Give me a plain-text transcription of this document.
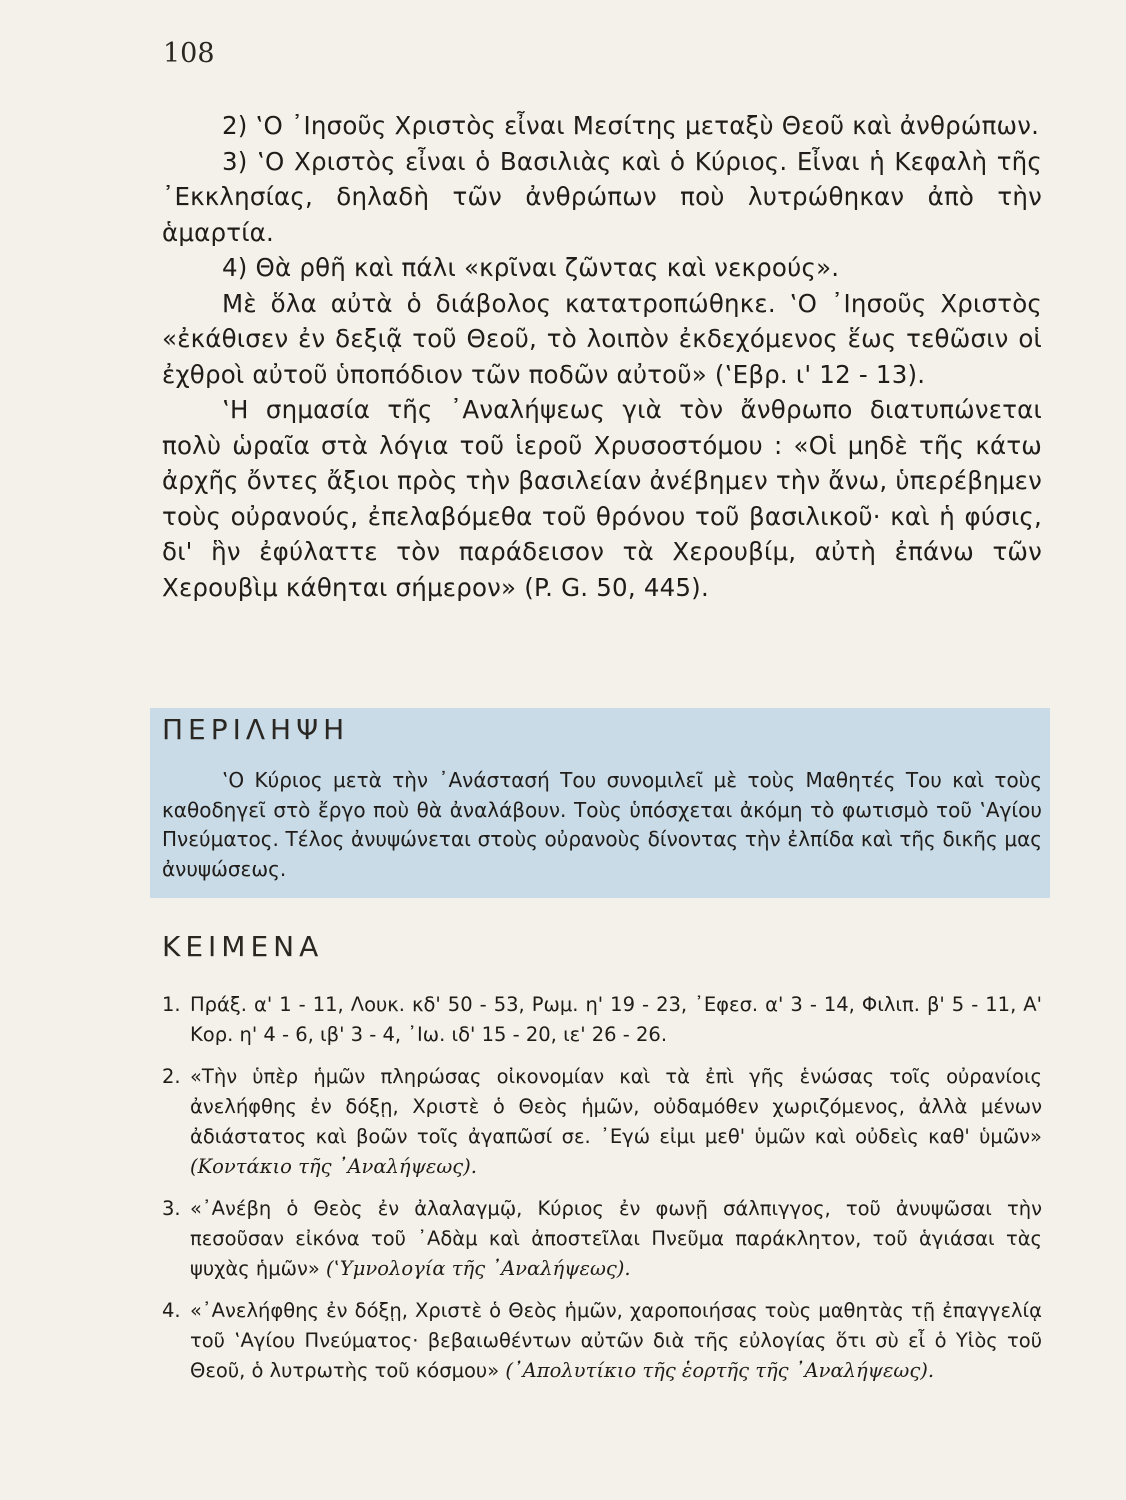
108

2) ‛Ο ᾿Ιησοῦς Χριστὸς εἶναι Μεσίτης μεταξὺ Θεοῦ καὶ ἀνθρώπων.

3) ‛Ο Χριστὸς εἶναι ὁ Βασιλιὰς καὶ ὁ Κύριος. Εἶναι ἡ Κεφαλὴ τῆς ᾿Εκκλησίας, δηλαδὴ τῶν ἀνθρώπων ποὺ λυτρώθηκαν ἀπὸ τὴν ἁμαρτία.

4) Θὰ ρθῆ καὶ πάλι «κρῖναι ζῶντας καὶ νεκρούς».

Μὲ ὅλα αὐτὰ ὁ διάβολος κατατροπώθηκε. ‛Ο ᾿Ιησοῦς Χριστὸς «ἐκάθισεν ἐν δεξιᾷ τοῦ Θεοῦ, τὸ λοιπὸν ἐκδεχόμενος ἕως τεθῶσιν οἱ ἐχθροὶ αὐτοῦ ὑποπόδιον τῶν ποδῶν αὐτοῦ» (‛Εβρ. ι' 12 - 13).

‛Η σημασία τῆς ᾿Αναλήψεως γιὰ τὸν ἄνθρωπο διατυπώνεται πολὺ ὡραῖα στὰ λόγια τοῦ ἱεροῦ Χρυσοστόμου : «Οἱ μηδὲ τῆς κάτω ἀρχῆς ὄντες ἄξιοι πρὸς τὴν βασιλείαν ἀνέβημεν τὴν ἄνω, ὑπερέβημεν τοὺς οὐρανούς, ἐπελαβόμεθα τοῦ θρόνου τοῦ βασιλικοῦ· καὶ ἡ φύσις, δι' ἣν ἐφύλαττε τὸν παράδεισον τὰ Χερουβίμ, αὐτὴ ἐπάνω τῶν Χερουβὶμ κάθηται σήμερον» (P. G. 50, 445).

ΠΕΡΙΛΗΨΗ

‛Ο Κύριος μετὰ τὴν ᾿Ανάστασή Του συνομιλεῖ μὲ τοὺς Μαθητές Του καὶ τοὺς καθοδηγεῖ στὸ ἔργο ποὺ θὰ ἀναλάβουν. Τοὺς ὑπόσχεται ἀκόμη τὸ φωτισμὸ τοῦ ‛Αγίου Πνεύματος. Τέλος ἀνυψώνεται στοὺς οὐρανοὺς δίνοντας τὴν ἐλπίδα καὶ τῆς δικῆς μας ἀνυψώσεως.

ΚΕΙΜΕΝΑ
1. Πράξ. α' 1 - 11, Λουκ. κδ' 50 - 53, Ρωμ. η' 19 - 23, ᾿Εφεσ. α' 3 - 14, Φιλιπ. β' 5 - 11, Α' Κορ. η' 4 - 6, ιβ' 3 - 4, ᾿Ιω. ιδ' 15 - 20, ιε' 26 - 26.
2. «Τὴν ὑπὲρ ἡμῶν πληρώσας οἰκονομίαν καὶ τὰ ἐπὶ γῆς ἑνώσας τοῖς οὐρανίοις ἀνελήφθης ἐν δόξῃ, Χριστὲ ὁ Θεὸς ἡμῶν, οὐδαμόθεν χωριζόμενος, ἀλλὰ μένων ἀδιάστατος καὶ βοῶν τοῖς ἀγαπῶσί σε. ᾿Εγώ εἰμι μεθ' ὑμῶν καὶ οὐδεὶς καθ' ὑμῶν» (Κοντάκιο τῆς ᾿Αναλήψεως).
3. «᾿Ανέβη ὁ Θεὸς ἐν ἀλαλαγμῷ, Κύριος ἐν φωνῇ σάλπιγγος, τοῦ ἀνυψῶσαι τὴν πεσοῦσαν εἰκόνα τοῦ ᾿Αδὰμ καὶ ἀποστεῖλαι Πνεῦμα παράκλητον, τοῦ ἁγιάσαι τὰς ψυχὰς ἡμῶν» (‛Υμνολογία τῆς ᾿Αναλήψεως).
4. «᾿Ανελήφθης ἐν δόξῃ, Χριστὲ ὁ Θεὸς ἡμῶν, χαροποιήσας τοὺς μαθητὰς τῇ ἐπαγγελίᾳ τοῦ ‛Αγίου Πνεύματος· βεβαιωθέντων αὐτῶν διὰ τῆς εὐλογίας ὅτι σὺ εἶ ὁ Υἱὸς τοῦ Θεοῦ, ὁ λυτρωτὴς τοῦ κόσμου» (᾿Απολυτίκιο τῆς ἑορτῆς τῆς ᾿Αναλήψεως).
